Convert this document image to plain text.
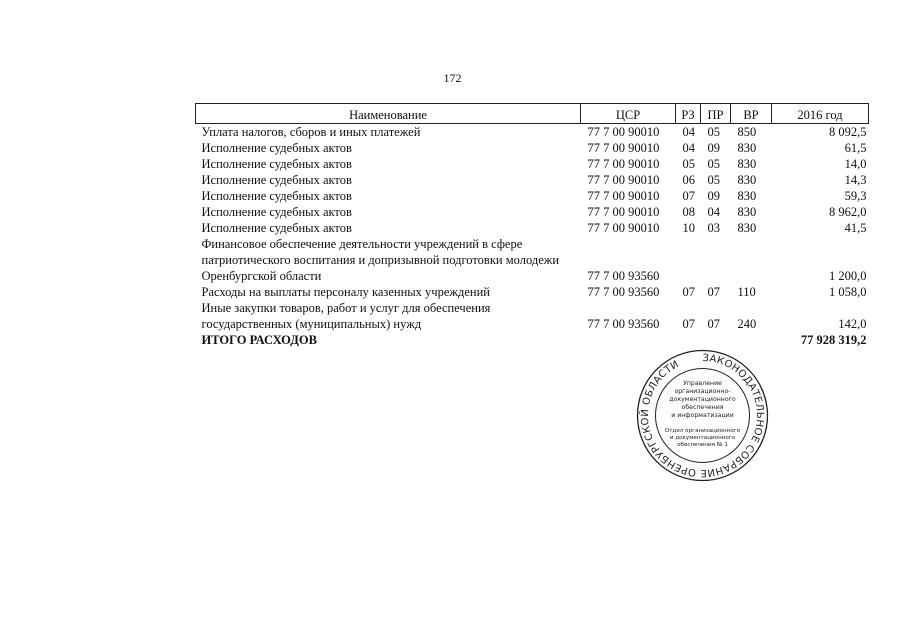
172
Наименование	ЦСР	РЗ	ПР	ВР	2016 год
Уплата налогов, сборов и иных платежей	77 7 00 90010	04	05	850	8 092,5
Исполнение судебных актов	77 7 00 90010	04	09	830	61,5
Исполнение судебных актов	77 7 00 90010	05	05	830	14,0
Исполнение судебных актов	77 7 00 90010	06	05	830	14,3
Исполнение судебных актов	77 7 00 90010	07	09	830	59,3
Исполнение судебных актов	77 7 00 90010	08	04	830	8 962,0
Исполнение судебных актов	77 7 00 90010	10	03	830	41,5
Финансовое обеспечение деятельности учреждений в сфере патриотического воспитания и допризывной подготовки молодежи Оренбургской области	77 7 00 93560				1 200,0
Расходы на выплаты персоналу казенных учреждений	77 7 00 93560	07	07	110	1 058,0
Иные закупки товаров, работ и услуг для обеспечения государственных (муниципальных) нужд	77 7 00 93560	07	07	240	142,0
ИТОГО РАСХОДОВ					77 928 319,2
ЗАКОНОДАТЕЛЬНОЕ СОБРАНИЕ ОРЕНБУРГСКОЙ ОБЛАСТИ
Управление
организационно-
документационного
обеспечения
и информатизации
Отдел организационного
и документационного
обеспечения № 1
